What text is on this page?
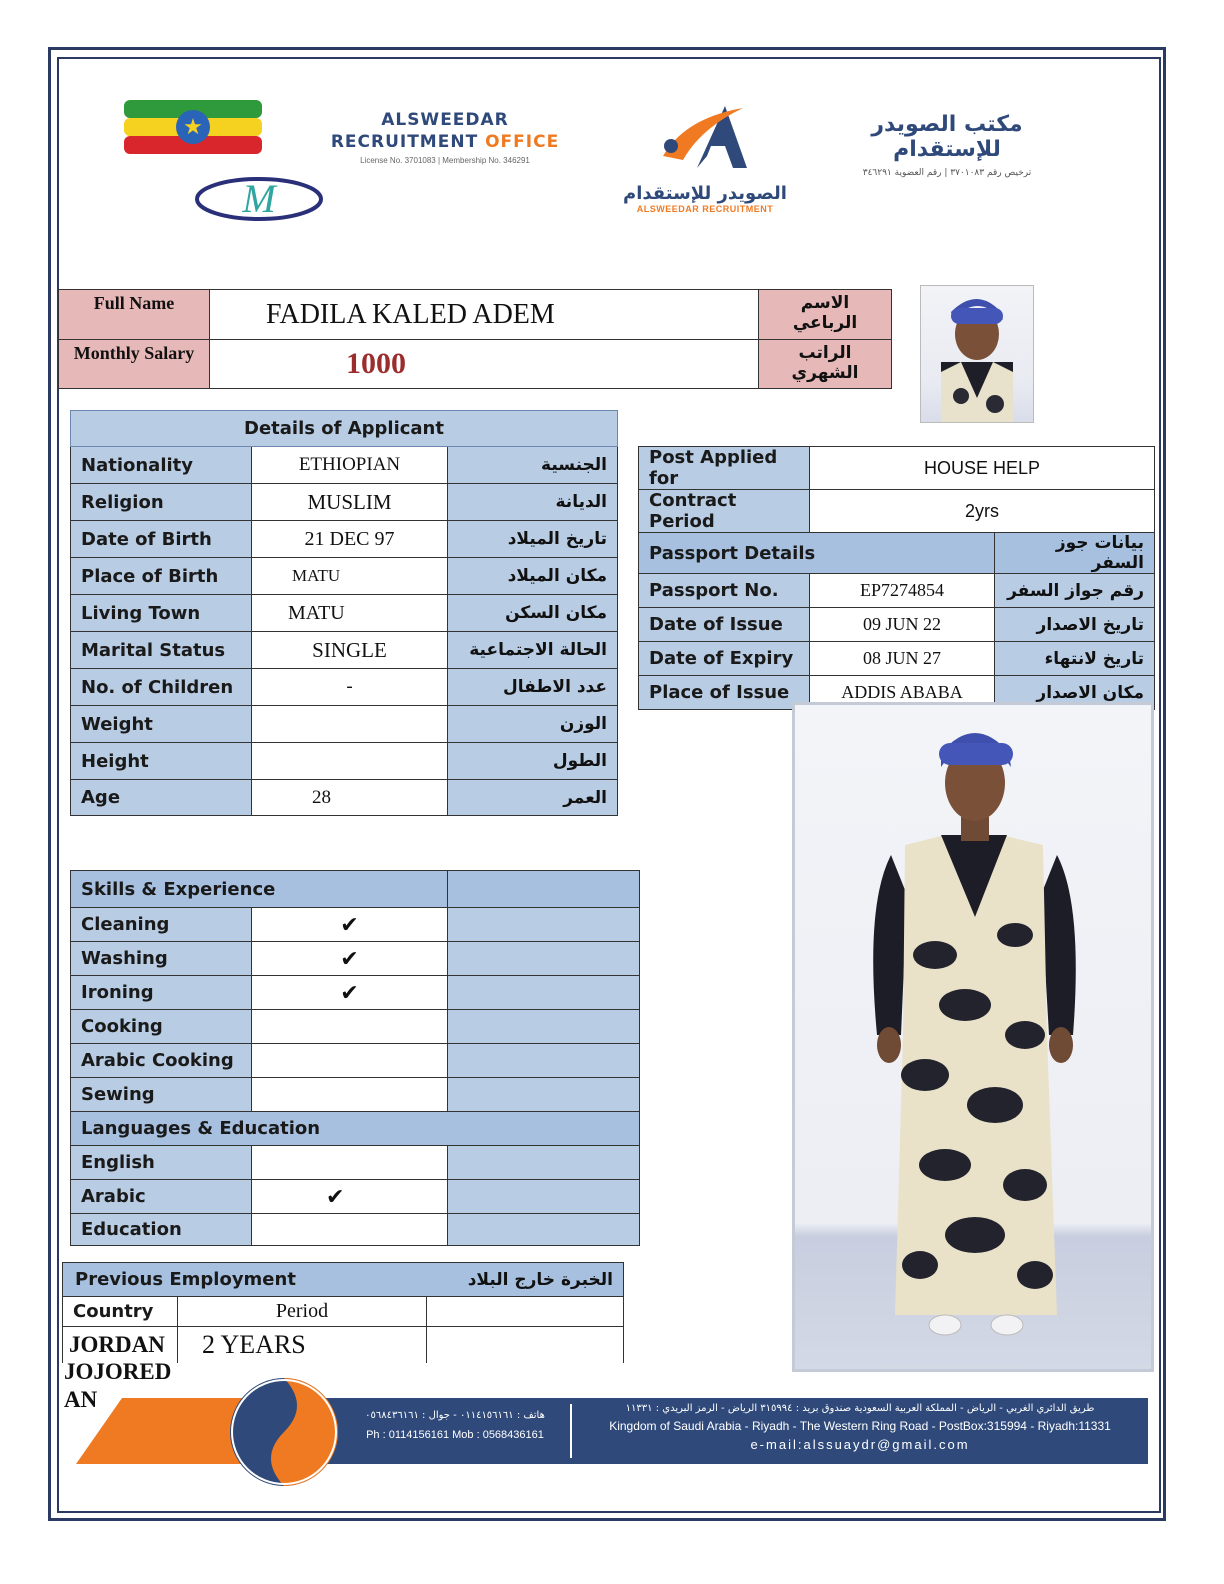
★
M
ALSWEEDAR
RECRUITMENT OFFICE
License No. 3701083 | Membership No. 346291
الصويدر للإستقدام
ALSWEEDAR RECRUITMENT
مكتب الصويدر للإستقدام
ترخيص رقم ٣٧٠١٠٨٣ | رقم العضوية ٣٤٦٢٩١
Full Name	FADILA KALED ADEM	الاسم الرباعي
Monthly Salary	1000	الراتب الشهري
Details of Applicant		
Nationality	ETHIOPIAN	الجنسية
Religion	MUSLIM	الديانة
Date of Birth	21 DEC 97	تاريخ الميلاد
Place of Birth	MATU	مكان الميلاد
Living Town	MATU	مكان السكن
Marital Status	SINGLE	الحالة الاجتماعية
No. of Children	-	عدد الاطفال
Weight		الوزن
Height		الطول
Age	28	العمر
Post Applied for	HOUSE HELP	
Contract Period	2yrs	
Passport Details		بيانات جوز السفر
Passport No.	EP7274854	رقم جواز السفر
Date of Issue	09 JUN 22	تاريخ الاصدار
Date of Expiry	08 JUN 27	تاريخ لانتهاء
Place of Issue	ADDIS ABABA	مكان الاصدار
Skills & Experience		
Cleaning	✔	
Washing	✔	
Ironing	✔	
Cooking		
Arabic Cooking		
Sewing		
Languages & Education		
English		
Arabic	✔	
Education		
Previous Employment		الخبرة خارج البلاد
Country	Period	
JORDAN	2 YEARS	
JOJORED
AN
هاتف : ٠١١٤١٥٦١٦١ - جوال : ٠٥٦٨٤٣٦١٦١
Ph : 0114156161 Mob : 0568436161
طريق الدائري الغربي - الرياض - المملكة العربية السعودية صندوق بريد : ٣١٥٩٩٤ الرياض - الرمز البريدي : ١١٣٣١
Kingdom of Saudi Arabia - Riyadh - The Western Ring Road - PostBox:315994 - Riyadh:11331
e-mail:alssuaydr@gmail.com
